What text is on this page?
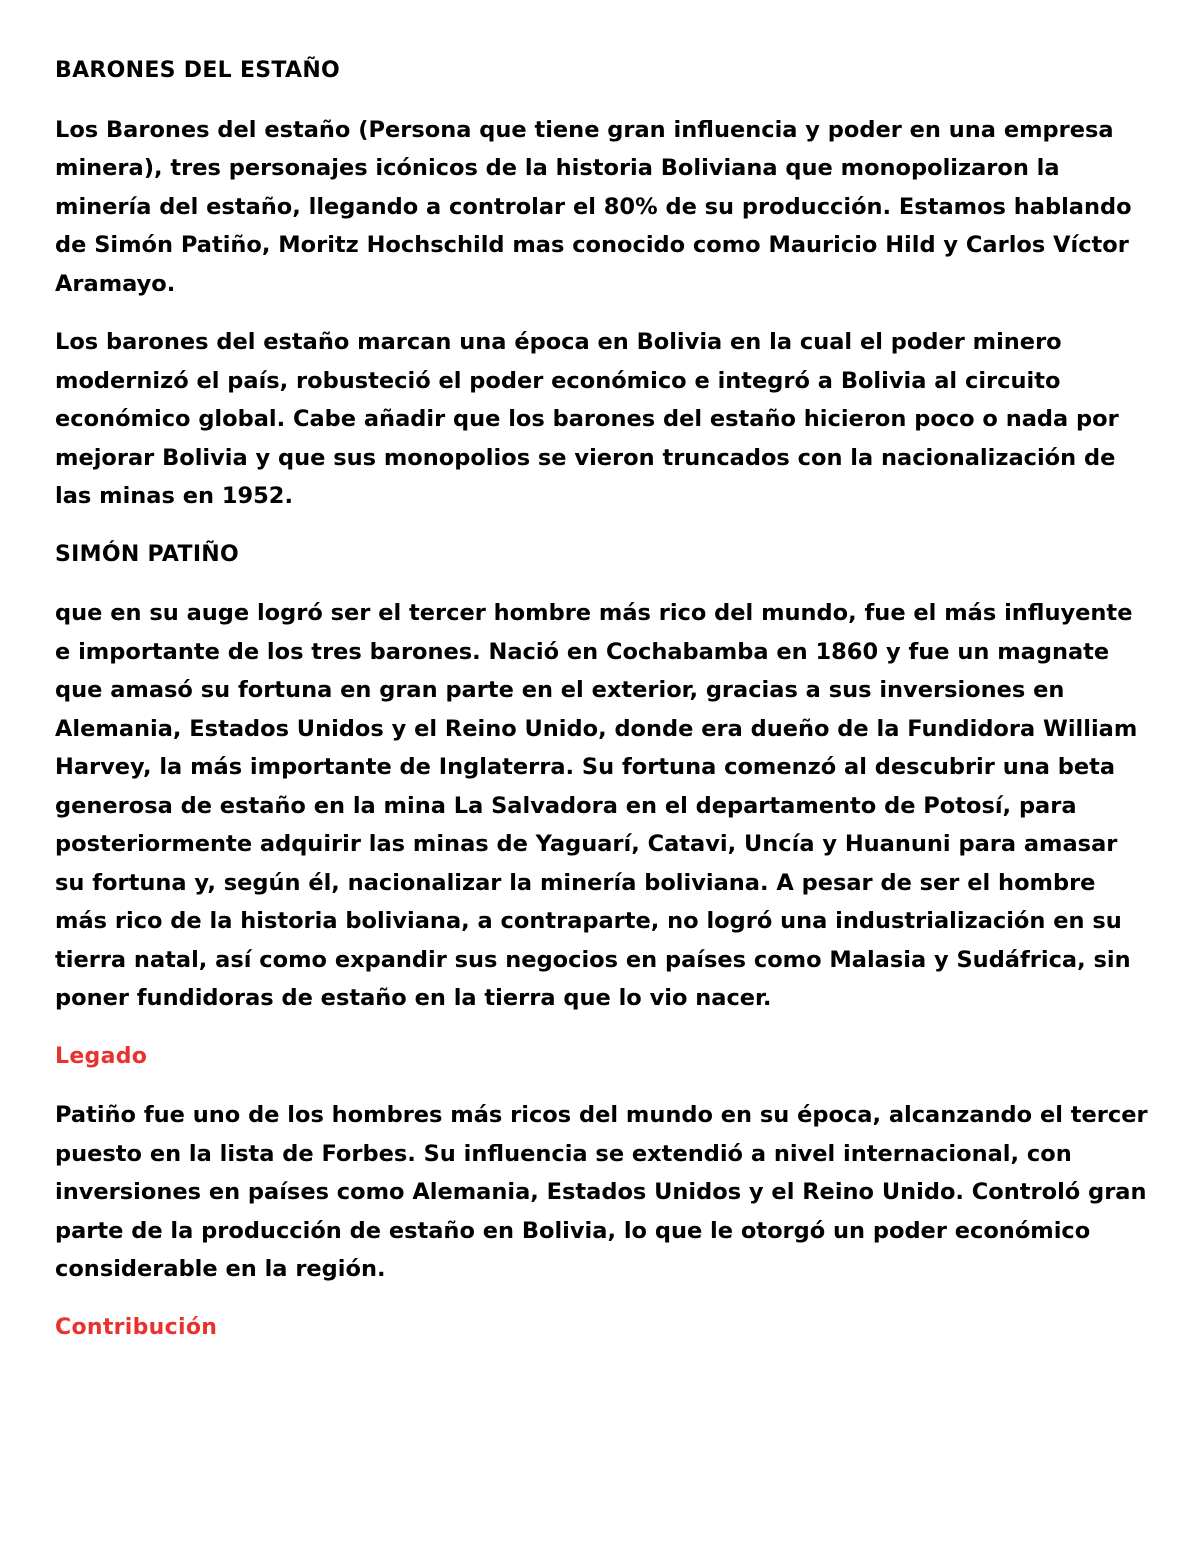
BARONES DEL ESTAÑO

Los Barones del estaño (Persona que tiene gran influencia y poder en una empresa minera), tres personajes icónicos de la historia Boliviana que monopolizaron la minería del estaño, llegando a controlar el 80% de su producción. Estamos hablando de Simón Patiño, Moritz Hochschild mas conocido como Mauricio Hild y Carlos Víctor Aramayo.

Los barones del estaño marcan una época en Bolivia en la cual el poder minero modernizó el país, robusteció el poder económico e integró a Bolivia al circuito económico global. Cabe añadir que los barones del estaño hicieron poco o nada por mejorar Bolivia y que sus monopolios se vieron truncados con la nacionalización de las minas en 1952.

SIMÓN PATIÑO

que en su auge logró ser el tercer hombre más rico del mundo, fue el más influyente e importante de los tres barones. Nació en Cochabamba en 1860 y fue un magnate que amasó su fortuna en gran parte en el exterior, gracias a sus inversiones en Alemania, Estados Unidos y el Reino Unido, donde era dueño de la Fundidora William Harvey, la más importante de Inglaterra. Su fortuna comenzó al descubrir una beta generosa de estaño en la mina La Salvadora en el departamento de Potosí, para posteriormente adquirir las minas de Yaguarí, Catavi, Uncía y Huanuni para amasar su fortuna y, según él, nacionalizar la minería boliviana. A pesar de ser el hombre más rico de la historia boliviana, a contraparte, no logró una industrialización en su tierra natal, así como expandir sus negocios en países como Malasia y Sudáfrica, sin poner fundidoras de estaño en la tierra que lo vio nacer.

Legado

Patiño fue uno de los hombres más ricos del mundo en su época, alcanzando el tercer puesto en la lista de Forbes. Su influencia se extendió a nivel internacional, con inversiones en países como Alemania, Estados Unidos y el Reino Unido. Controló gran parte de la producción de estaño en Bolivia, lo que le otorgó un poder económico considerable en la región.

Contribución
